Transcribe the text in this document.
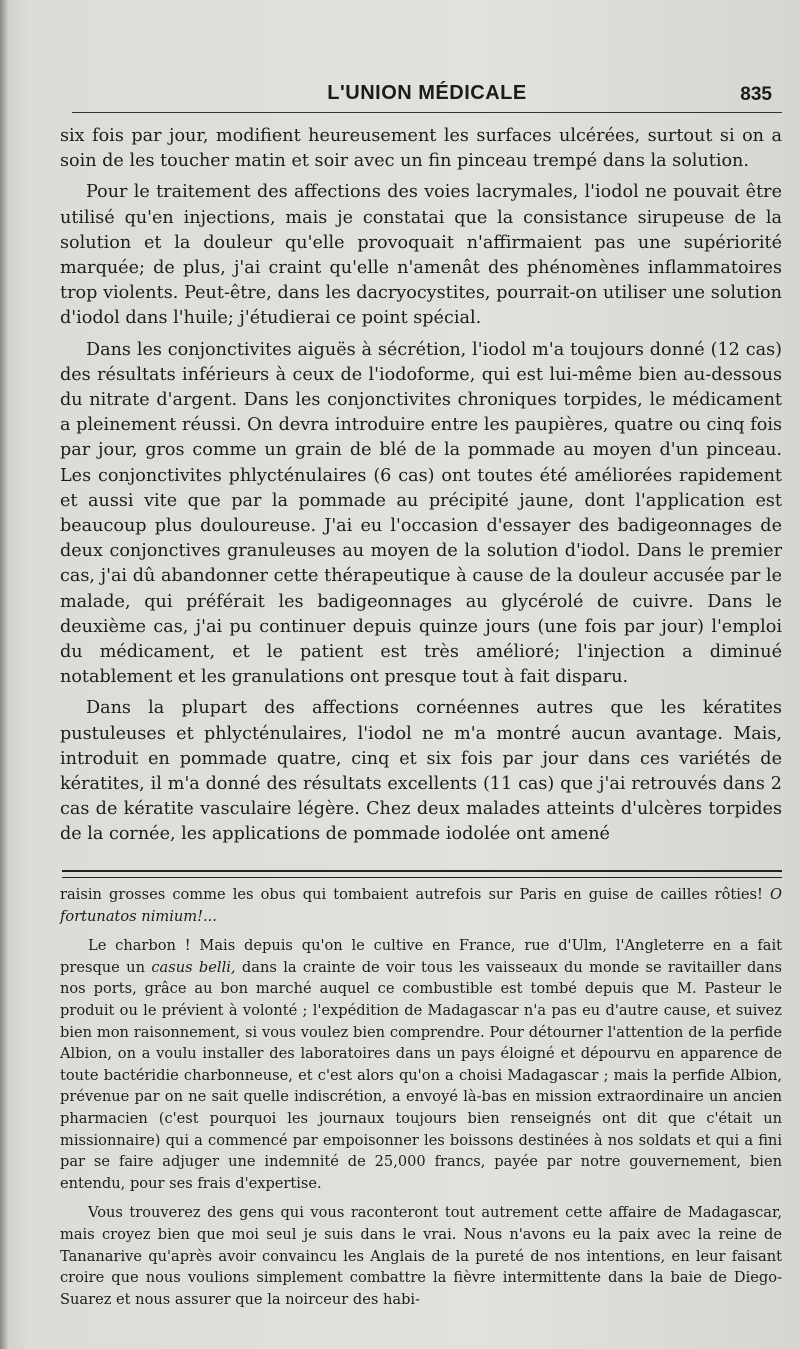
L'UNION MÉDICALE	835

six fois par jour, modifient heureusement les surfaces ulcérées, surtout si on a soin de les toucher matin et soir avec un fin pinceau trempé dans la solution.

Pour le traitement des affections des voies lacrymales, l'iodol ne pouvait être utilisé qu'en injections, mais je constatai que la consistance sirupeuse de la solution et la douleur qu'elle provoquait n'affirmaient pas une supériorité marquée; de plus, j'ai craint qu'elle n'amenât des phénomènes inflammatoires trop violents. Peut-être, dans les dacryocystites, pourrait-on utiliser une solution d'iodol dans l'huile; j'étudierai ce point spécial.

Dans les conjonctivites aiguës à sécrétion, l'iodol m'a toujours donné (12 cas) des résultats inférieurs à ceux de l'iodoforme, qui est lui-même bien au-dessous du nitrate d'argent. Dans les conjonctivites chroniques torpides, le médicament a pleinement réussi. On devra introduire entre les paupières, quatre ou cinq fois par jour, gros comme un grain de blé de la pommade au moyen d'un pinceau. Les conjonctivites phlycténulaires (6 cas) ont toutes été améliorées rapidement et aussi vite que par la pommade au précipité jaune, dont l'application est beaucoup plus douloureuse. J'ai eu l'occasion d'essayer des badigeonnages de deux conjonctives granuleuses au moyen de la solution d'iodol. Dans le premier cas, j'ai dû abandonner cette thérapeutique à cause de la douleur accusée par le malade, qui préférait les badigeonnages au glycérolé de cuivre. Dans le deuxième cas, j'ai pu continuer depuis quinze jours (une fois par jour) l'emploi du médicament, et le patient est très amélioré; l'injection a diminué notablement et les granulations ont presque tout à fait disparu.

Dans la plupart des affections cornéennes autres que les kératites pustuleuses et phlycténulaires, l'iodol ne m'a montré aucun avantage. Mais, introduit en pommade quatre, cinq et six fois par jour dans ces variétés de kératites, il m'a donné des résultats excellents (11 cas) que j'ai retrouvés dans 2 cas de kératite vasculaire légère. Chez deux malades atteints d'ulcères torpides de la cornée, les applications de pommade iodolée ont amené

raisin grosses comme les obus qui tombaient autrefois sur Paris en guise de cailles rôties! O fortunatos nimium!...

Le charbon ! Mais depuis qu'on le cultive en France, rue d'Ulm, l'Angleterre en a fait presque un casus belli, dans la crainte de voir tous les vaisseaux du monde se ravitailler dans nos ports, grâce au bon marché auquel ce combustible est tombé depuis que M. Pasteur le produit ou le prévient à volonté ; l'expédition de Madagascar n'a pas eu d'autre cause, et suivez bien mon raisonnement, si vous voulez bien comprendre. Pour détourner l'attention de la perfide Albion, on a voulu installer des laboratoires dans un pays éloigné et dépourvu en apparence de toute bactéridie charbonneuse, et c'est alors qu'on a choisi Madagascar ; mais la perfide Albion, prévenue par on ne sait quelle indiscrétion, a envoyé là-bas en mission extraordinaire un ancien pharmacien (c'est pourquoi les journaux toujours bien renseignés ont dit que c'était un missionnaire) qui a commencé par empoisonner les boissons destinées à nos soldats et qui a fini par se faire adjuger une indemnité de 25,000 francs, payée par notre gouvernement, bien entendu, pour ses frais d'expertise.

Vous trouverez des gens qui vous raconteront tout autrement cette affaire de Madagascar, mais croyez bien que moi seul je suis dans le vrai. Nous n'avons eu la paix avec la reine de Tananarive qu'après avoir convaincu les Anglais de la pureté de nos intentions, en leur faisant croire que nous voulions simplement combattre la fièvre intermittente dans la baie de Diego-Suarez et nous assurer que la noirceur des habi-
